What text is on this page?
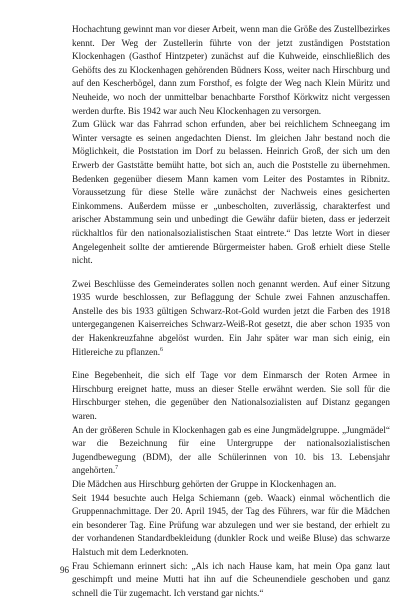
Hochachtung gewinnt man vor dieser Arbeit, wenn man die Größe des Zustellbezirkes kennt. Der Weg der Zustellerin führte von der jetzt zuständigen Poststation Klockenhagen (Gasthof Hintzpeter) zunächst auf die Kuhweide, einschließlich des Gehöfts des zu Klockenhagen gehörenden Büdners Koss, weiter nach Hirschburg und auf den Kescherbögel, dann zum Forsthof, es folgte der Weg nach Klein Müritz und Neuheide, wo noch der unmittelbar benachbarte Forsthof Körkwitz nicht vergessen werden durfte. Bis 1942 war auch Neu Klockenhagen zu versorgen.

Zum Glück war das Fahrrad schon erfunden, aber bei reichlichem Schneegang im Winter versagte es seinen angedachten Dienst. Im gleichen Jahr bestand noch die Möglichkeit, die Poststation im Dorf zu belassen. Heinrich Groß, der sich um den Erwerb der Gaststätte bemüht hatte, bot sich an, auch die Poststelle zu übernehmen. Bedenken gegenüber diesem Mann kamen vom Leiter des Postamtes in Ribnitz. Voraussetzung für diese Stelle wäre zunächst der Nachweis eines gesicherten Einkommens. Außerdem müsse er „unbescholten, zuverlässig, charakterfest und arischer Abstammung sein und unbedingt die Gewähr dafür bieten, dass er jederzeit rückhaltlos für den nationalsozialistischen Staat eintrete.“ Das letzte Wort in dieser Angelegenheit sollte der amtierende Bürgermeister haben. Groß erhielt diese Stelle nicht.

Zwei Beschlüsse des Gemeinderates sollen noch genannt werden. Auf einer Sitzung 1935 wurde beschlossen, zur Beflaggung der Schule zwei Fahnen anzuschaffen. Anstelle des bis 1933 gültigen Schwarz-Rot-Gold wurden jetzt die Farben des 1918 untergegangenen Kaiserreiches Schwarz-Weiß-Rot gesetzt, die aber schon 1935 von der Hakenkreuzfahne abgelöst wurden. Ein Jahr später war man sich einig, ein Hitlereiche zu pflanzen.$^6$

Eine Begebenheit, die sich elf Tage vor dem Einmarsch der Roten Armee in Hirschburg ereignet hatte, muss an dieser Stelle erwähnt werden. Sie soll für die Hirschburger stehen, die gegenüber den Nationalsozialisten auf Distanz gegangen waren.

An der größeren Schule in Klockenhagen gab es eine Jungmädelgruppe. „Jungmädel“ war die Bezeichnung für eine Untergruppe der nationalsozialistischen Jugendbewegung (BDM), der alle Schülerinnen von 10. bis 13. Lebensjahr angehörten.$^7$

Die Mädchen aus Hirschburg gehörten der Gruppe in Klockenhagen an.

Seit 1944 besuchte auch Helga Schiemann (geb. Waack) einmal wöchentlich die Gruppennachmittage. Der 20. April 1945, der Tag des Führers, war für die Mädchen ein besonderer Tag. Eine Prüfung war abzulegen und wer sie bestand, der erhielt zu der vorhandenen Standardbekleidung (dunkler Rock und weiße Bluse) das schwarze Halstuch mit dem Lederknoten.

Frau Schiemann erinnert sich: „Als ich nach Hause kam, hat mein Opa ganz laut geschimpft und meine Mutti hat ihn auf die Scheunendiele geschoben und ganz schnell die Tür zugemacht. Ich verstand gar nichts.“

96
